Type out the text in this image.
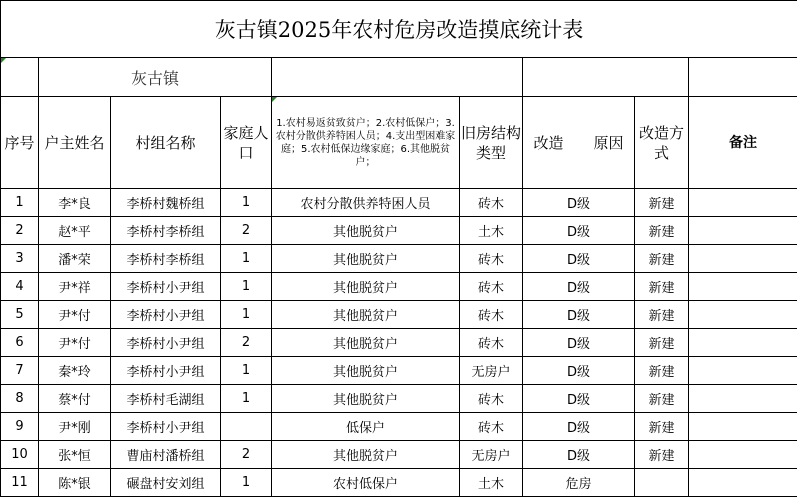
灰古镇2025年农村危房改造摸底统计表								

	灰古镇							
序号	户主姓名	村组名称	家庭人口	1.农村易返贫致贫户；2.农村低保户；3.农村分散供养特困人员；4.支出型困难家庭；5.农村低保边缘家庭；6.其他脱贫户；	旧房结构类型	改造　　原因	改造方式	备注
1	李*良	李桥村魏桥组	1	农村分散供养特困人员	砖木	D级	新建	
2	赵*平	李桥村李桥组	2	其他脱贫户	土木	D级	新建	
3	潘*荣	李桥村李桥组	1	其他脱贫户	砖木	D级	新建	
4	尹*祥	李桥村小尹组	1	其他脱贫户	砖木	D级	新建	
5	尹*付	李桥村小尹组	1	其他脱贫户	砖木	D级	新建	
6	尹*付	李桥村小尹组	2	其他脱贫户	砖木	D级	新建	
7	秦*玲	李桥村小尹组	1	其他脱贫户	无房户	D级	新建	
8	蔡*付	李桥村毛湖组	1	其他脱贫户	砖木	D级	新建	
9	尹*刚	李桥村小尹组		低保户	砖木	D级	新建	
10	张*恒	曹庙村潘桥组	2	其他脱贫户	无房户	D级	新建	
11	陈*银	碾盘村安刘组	1	农村低保户	土木	危房		
